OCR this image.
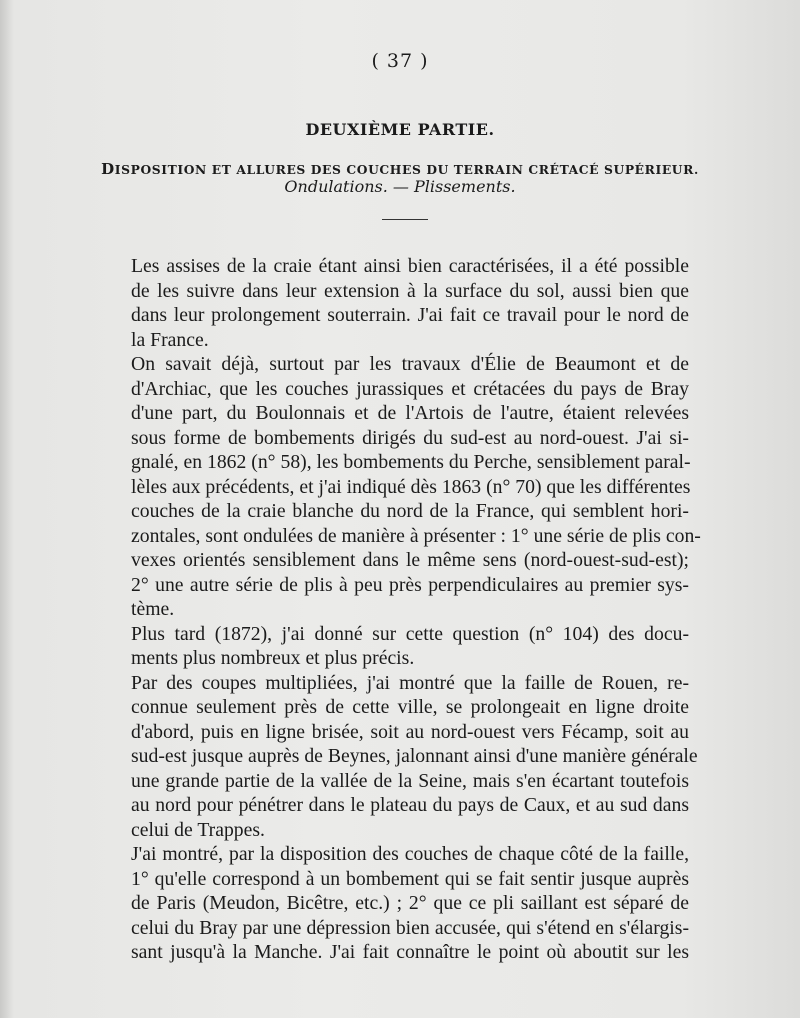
( 37 )
DEUXIÈME PARTIE.
DISPOSITION ET ALLURES DES COUCHES DU TERRAIN CRÉTACÉ SUPÉRIEUR.
Ondulations. — Plissements.
Les assises de la craie étant ainsi bien caractérisées, il a été possible
de les suivre dans leur extension à la surface du sol, aussi bien que
dans leur prolongement souterrain. J'ai fait ce travail pour le nord de
la France.
On savait déjà, surtout par les travaux d'Élie de Beaumont et de
d'Archiac, que les couches jurassiques et crétacées du pays de Bray
d'une part, du Boulonnais et de l'Artois de l'autre, étaient relevées
sous forme de bombements dirigés du sud-est au nord-ouest. J'ai si-
gnalé, en 1862 (n° 58), les bombements du Perche, sensiblement paral-
lèles aux précédents, et j'ai indiqué dès 1863 (n° 70) que les différentes
couches de la craie blanche du nord de la France, qui semblent hori-
zontales, sont ondulées de manière à présenter : 1° une série de plis con-
vexes orientés sensiblement dans le même sens (nord-ouest-sud-est);
2° une autre série de plis à peu près perpendiculaires au premier sys-
tème.
Plus tard (1872), j'ai donné sur cette question (n° 104) des docu-
ments plus nombreux et plus précis.
Par des coupes multipliées, j'ai montré que la faille de Rouen, re-
connue seulement près de cette ville, se prolongeait en ligne droite
d'abord, puis en ligne brisée, soit au nord-ouest vers Fécamp, soit au
sud-est jusque auprès de Beynes, jalonnant ainsi d'une manière générale
une grande partie de la vallée de la Seine, mais s'en écartant toutefois
au nord pour pénétrer dans le plateau du pays de Caux, et au sud dans
celui de Trappes.
J'ai montré, par la disposition des couches de chaque côté de la faille,
1° qu'elle correspond à un bombement qui se fait sentir jusque auprès
de Paris (Meudon, Bicêtre, etc.) ; 2° que ce pli saillant est séparé de
celui du Bray par une dépression bien accusée, qui s'étend en s'élargis-
sant jusqu'à la Manche. J'ai fait connaître le point où aboutit sur les
